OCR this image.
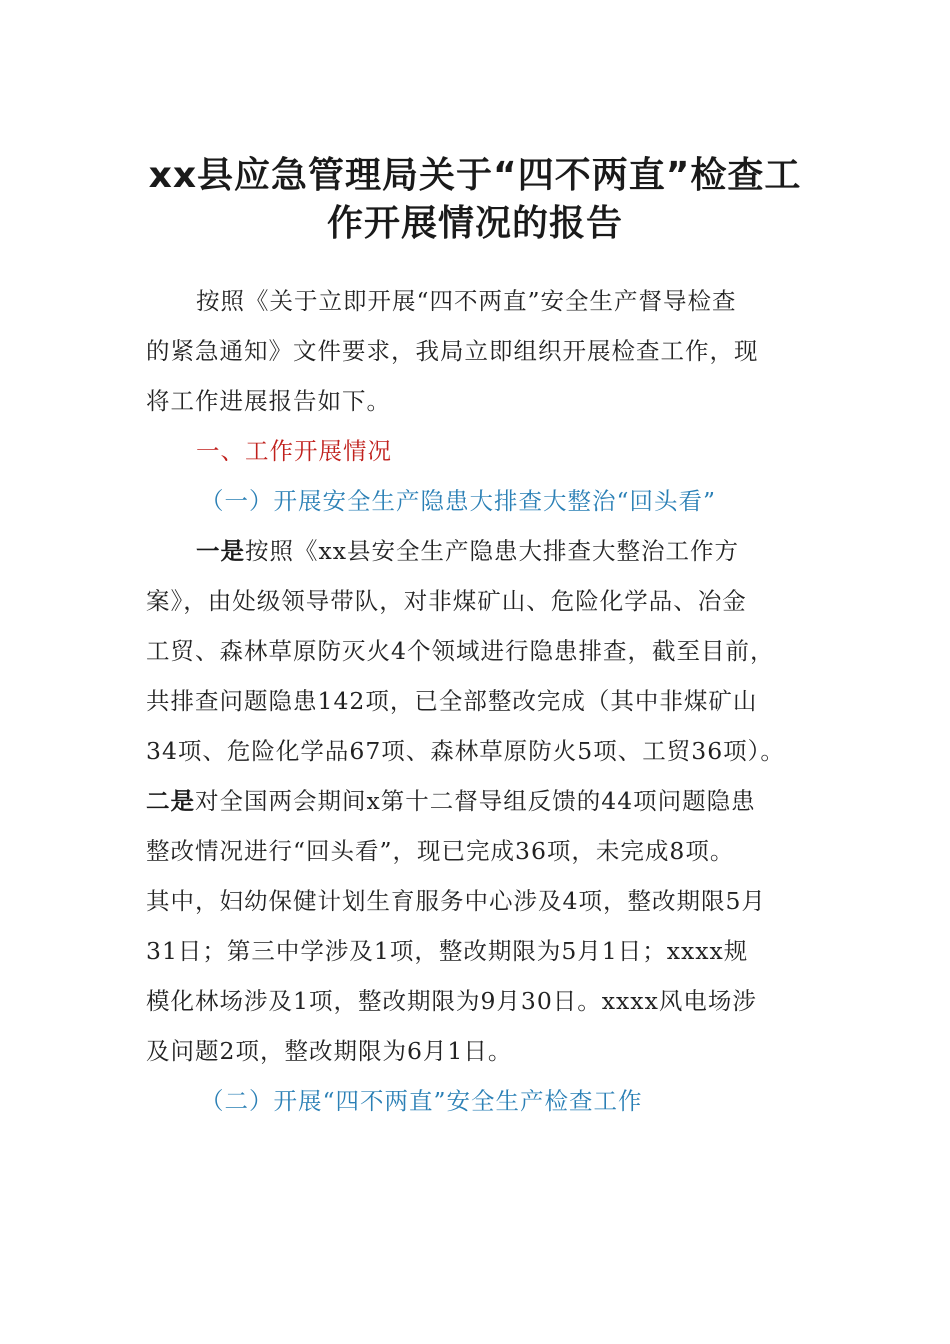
xx县应急管理局关于“四不两直”检查工
作开展情况的报告
按照《关于立即开展“四不两直”安全生产督导检查
的紧急通知》文件要求，我局立即组织开展检查工作，现
将工作进展报告如下。
一、工作开展情况
（一）开展安全生产隐患大排查大整治“回头看”
一是按照《xx县安全生产隐患大排查大整治工作方
案》，由处级领导带队，对非煤矿山、危险化学品、冶金
工贸、森林草原防灭火4个领域进行隐患排查，截至目前，
共排查问题隐患142项，已全部整改完成（其中非煤矿山
34项、危险化学品67项、森林草原防火5项、工贸36项）。
二是对全国两会期间x第十二督导组反馈的44项问题隐患
整改情况进行“回头看”，现已完成36项，未完成8项。
其中，妇幼保健计划生育服务中心涉及4项，整改期限5月
31日；第三中学涉及1项，整改期限为5月1日；xxxx规
模化林场涉及1项，整改期限为9月30日。xxxx风电场涉
及问题2项，整改期限为6月1日。
（二）开展“四不两直”安全生产检查工作
